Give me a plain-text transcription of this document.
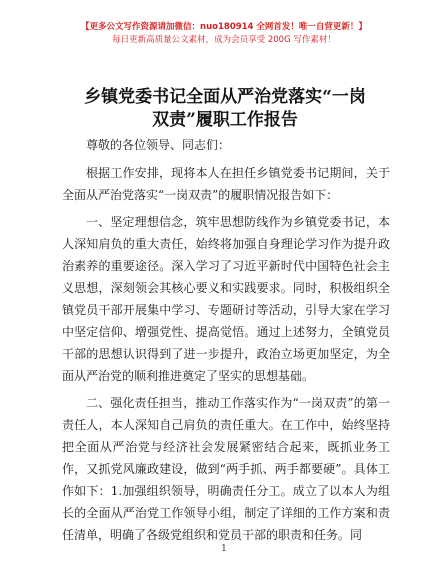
【更多公文写作资源请加微信：nuo180914 全网首发！唯一自营更新！】
每日更新高质量公文素材，成为会员享受 200G 写作素材！
乡镇党委书记全面从严治党落实“一岗双责”履职工作报告

尊敬的各位领导、同志们：

根据工作安排，现将本人在担任乡镇党委书记期间，关于全面从严治党落实“一岗双责”的履职情况报告如下：

一、坚定理想信念，筑牢思想防线作为乡镇党委书记，本人深知肩负的重大责任，始终将加强自身理论学习作为提升政治素养的重要途径。深入学习了习近平新时代中国特色社会主义思想，深刻领会其核心要义和实践要求。同时，积极组织全镇党员干部开展集中学习、专题研讨等活动，引导大家在学习中坚定信仰、增强党性、提高觉悟。通过上述努力，全镇党员干部的思想认识得到了进一步提升，政治立场更加坚定，为全面从严治党的顺利推进奠定了坚实的思想基础。

二、强化责任担当，推动工作落实作为“一岗双责”的第一责任人，本人深知自己肩负的责任重大。在工作中，始终坚持把全面从严治党与经济社会发展紧密结合起来，既抓业务工作，又抓党风廉政建设，做到“两手抓、两手都要硬”。具体工作如下：1.加强组织领导，明确责任分工。成立了以本人为组长的全面从严治党工作领导小组，制定了详细的工作方案和责任清单，明确了各级党组织和党员干部的职责和任务。同

1
